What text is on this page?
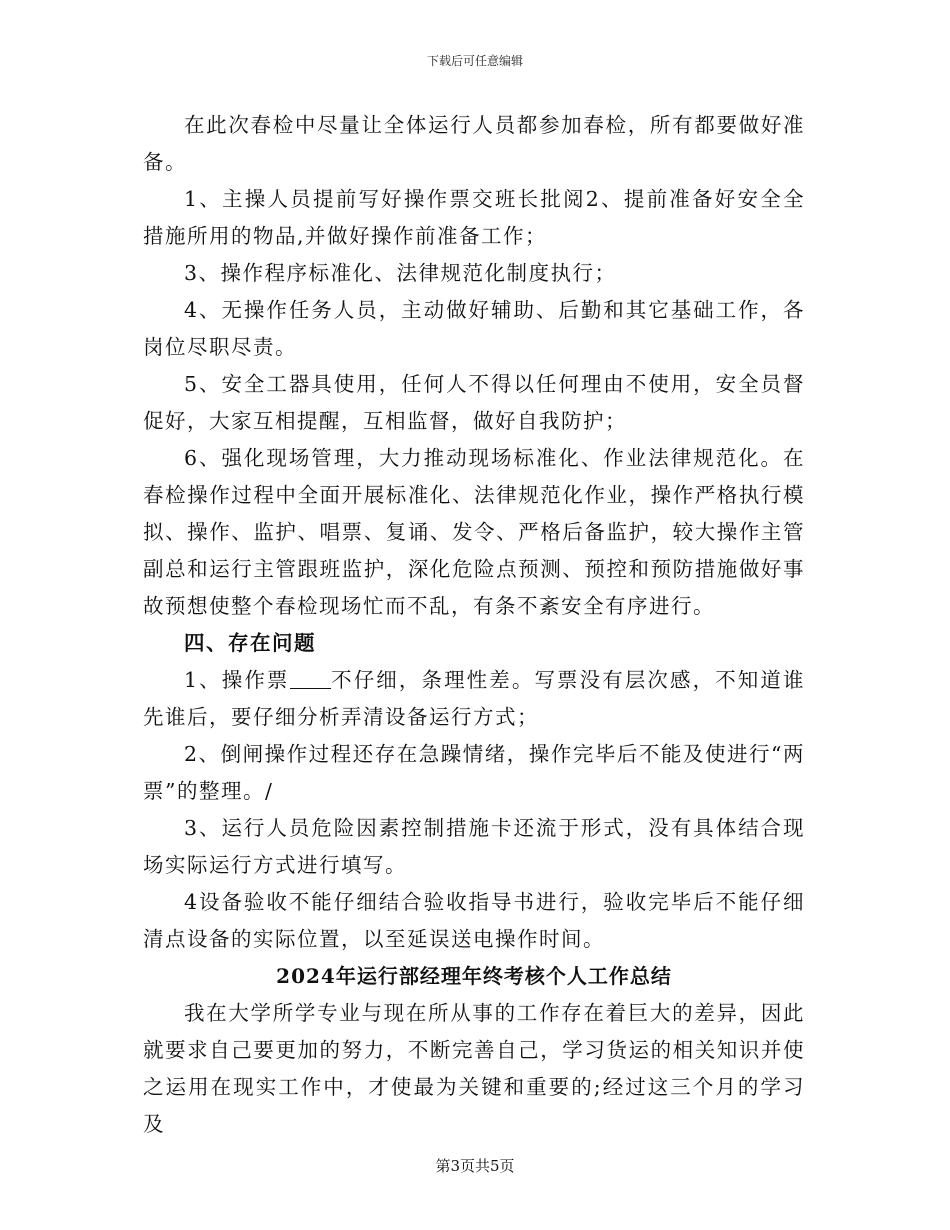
下载后可任意编辑

在此次春检中尽量让全体运行人员都参加春检，所有都要做好准备。

1、主操人员提前写好操作票交班长批阅2、提前准备好安全全措施所用的物品,并做好操作前准备工作；

3、操作程序标准化、法律规范化制度执行；

4、无操作任务人员，主动做好辅助、后勤和其它基础工作，各岗位尽职尽责。

5、安全工器具使用，任何人不得以任何理由不使用，安全员督促好，大家互相提醒，互相监督，做好自我防护；

6、强化现场管理，大力推动现场标准化、作业法律规范化。在春检操作过程中全面开展标准化、法律规范化作业，操作严格执行模拟、操作、监护、唱票、复诵、发令、严格后备监护，较大操作主管副总和运行主管跟班监护，深化危险点预测、预控和预防措施做好事故预想使整个春检现场忙而不乱，有条不紊安全有序进行。

四、存在问题

1、操作票 不仔细，条理性差。写票没有层次感，不知道谁先谁后，要仔细分析弄清设备运行方式；

2、倒闸操作过程还存在急躁情绪，操作完毕后不能及使进行“两票”的整理。/

3、运行人员危险因素控制措施卡还流于形式，没有具体结合现场实际运行方式进行填写。

4设备验收不能仔细结合验收指导书进行，验收完毕后不能仔细清点设备的实际位置，以至延误送电操作时间。

2024年运行部经理年终考核个人工作总结

我在大学所学专业与现在所从事的工作存在着巨大的差异，因此就要求自己要更加的努力，不断完善自己，学习货运的相关知识并使之运用在现实工作中，才使最为关键和重要的;经过这三个月的学习及

第3页共5页
